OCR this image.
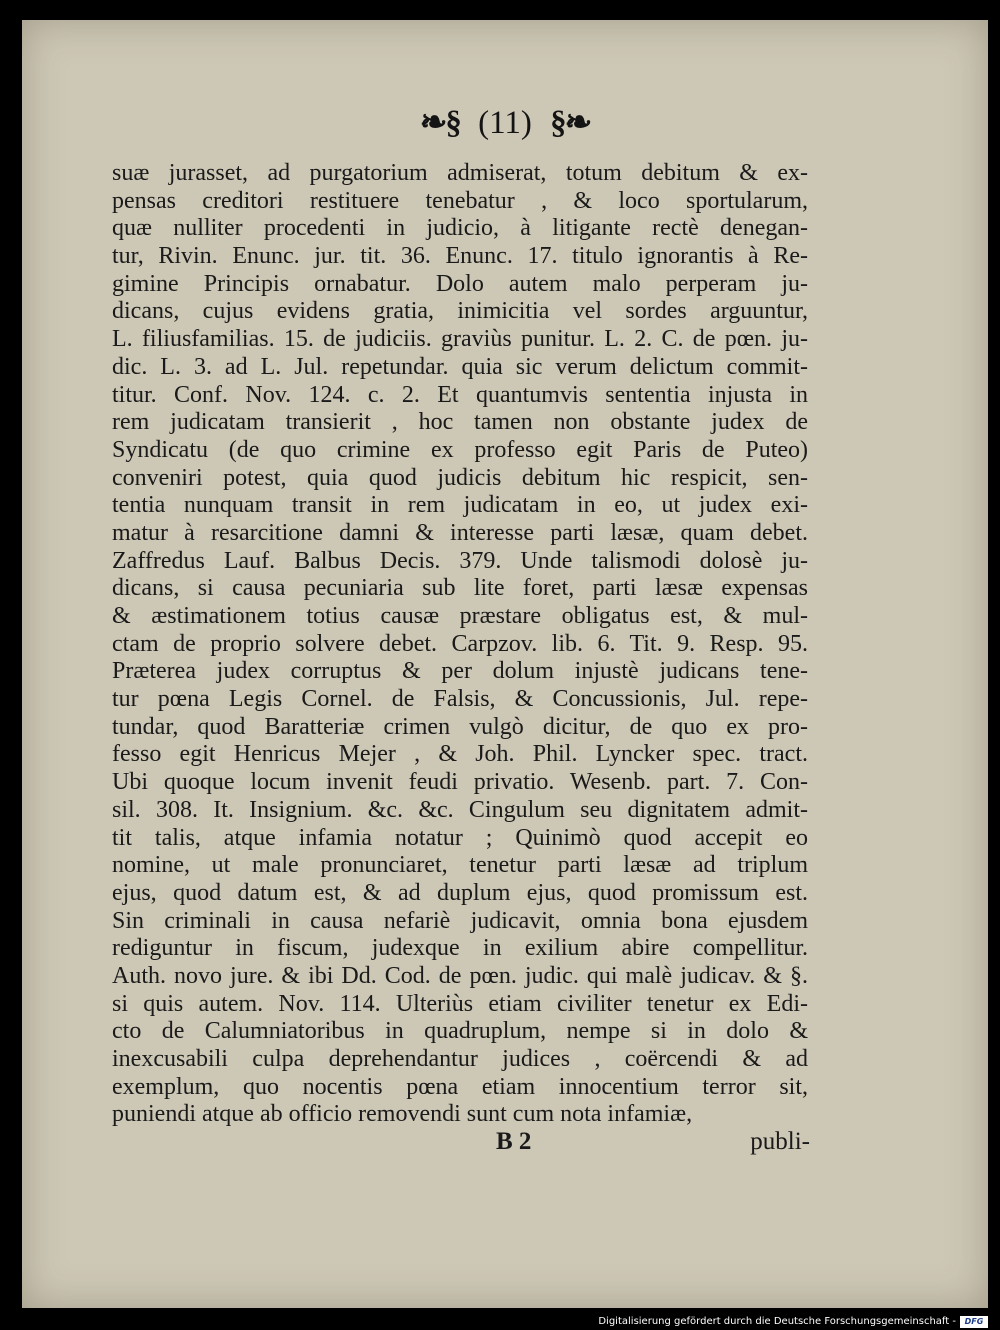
❧§ (11) §❧
suæ jurasset, ad purgatorium admiserat, totum debitum & ex-
pensas creditori restituere tenebatur , & loco sportularum,
quæ nulliter procedenti in judicio, à litigante rectè denegan-
tur, Rivin. Enunc. jur. tit. 36. Enunc. 17. titulo ignorantis à Re-
gimine Principis ornabatur. Dolo autem malo perperam ju-
dicans, cujus evidens gratia, inimicitia vel sordes arguuntur,
L. filiusfamilias. 15. de judiciis. graviùs punitur. L. 2. C. de pœn. ju-
dic. L. 3. ad L. Jul. repetundar. quia sic verum delictum commit-
titur. Conf. Nov. 124. c. 2. Et quantumvis sententia injusta in
rem judicatam transierit , hoc tamen non obstante judex de
Syndicatu (de quo crimine ex professo egit Paris de Puteo)
conveniri potest, quia quod judicis debitum hic respicit, sen-
tentia nunquam transit in rem judicatam in eo, ut judex exi-
matur à resarcitione damni & interesse parti læsæ, quam debet.
Zaffredus Lauf. Balbus Decis. 379. Unde talismodi dolosè ju-
dicans, si causa pecuniaria sub lite foret, parti læsæ expensas
& æstimationem totius causæ præstare obligatus est, & mul-
ctam de proprio solvere debet. Carpzov. lib. 6. Tit. 9. Resp. 95.
Præterea judex corruptus & per dolum injustè judicans tene-
tur pœna Legis Cornel. de Falsis, & Concussionis, Jul. repe-
tundar, quod Baratteriæ crimen vulgò dicitur, de quo ex pro-
fesso egit Henricus Mejer , & Joh. Phil. Lyncker spec. tract.
Ubi quoque locum invenit feudi privatio. Wesenb. part. 7. Con-
sil. 308. It. Insignium. &c. &c. Cingulum seu dignitatem admit-
tit talis, atque infamia notatur ; Quinimò quod accepit eo
nomine, ut male pronunciaret, tenetur parti læsæ ad triplum
ejus, quod datum est, & ad duplum ejus, quod promissum est.
Sin criminali in causa nefariè judicavit, omnia bona ejusdem
rediguntur in fiscum, judexque in exilium abire compellitur.
Auth. novo jure. & ibi Dd. Cod. de pœn. judic. qui malè judicav. & §.
si quis autem. Nov. 114. Ulteriùs etiam civiliter tenetur ex Edi-
cto de Calumniatoribus in quadruplum, nempe si in dolo &
inexcusabili culpa deprehendantur judices , coërcendi & ad
exemplum, quo nocentis pœna etiam innocentium terror sit,
puniendi atque ab officio removendi sunt cum nota infamiæ,
B 2	publi-
Digitalisierung gefördert durch die Deutsche Forschungsgemeinschaft -	DFG
